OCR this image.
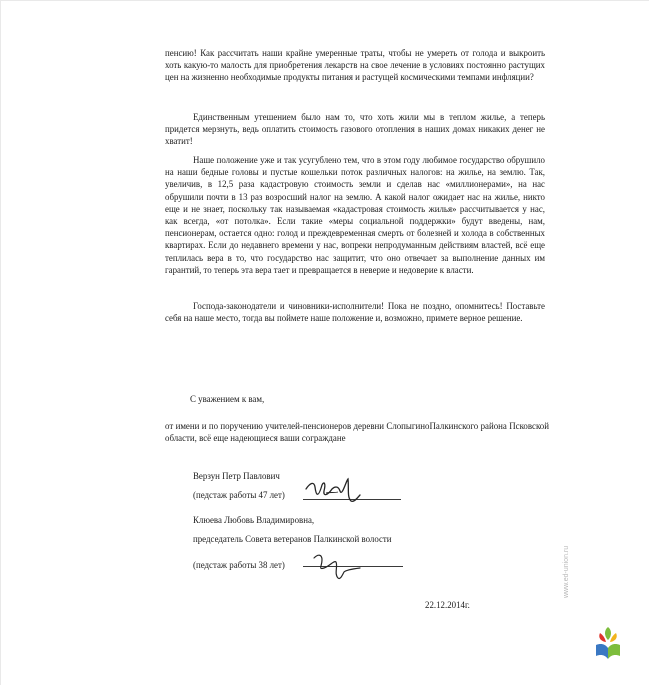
пенсию! Как рассчитать наши крайне умеренные траты, чтобы не умереть от голода и выкроить хоть какую-то малость для приобретения лекарств на свое лечение в условиях постоянно растущих цен на жизненно необходимые продукты питания и растущей космическими темпами инфляции?

Единственным утешением было нам то, что хоть жили мы в теплом жилье, а теперь придется мерзнуть, ведь оплатить стоимость газового отопления в наших домах никаких денег не хватит!

Наше положение уже и так усугублено тем, что в этом году любимое государство обрушило на наши бедные головы и пустые кошельки поток различных налогов: на жилье, на землю. Так, увеличив, в 12,5 раза кадастровую стоимость земли и сделав нас «миллионерами», на нас обрушили почти в 13 раз возросший налог на землю. А какой налог ожидает нас на жилье, никто еще и не знает, поскольку так называемая «кадастровая стоимость жилья» рассчитывается у нас, как всегда, «от потолка». Если такие «меры социальной поддержки» будут введены, нам, пенсионерам, остается одно: голод и преждевременная смерть от болезней и холода в собственных квартирах. Если до недавнего времени у нас, вопреки непродуманным действиям властей, всё еще теплилась вера в то, что государство нас защитит, что оно отвечает за выполнение данных им гарантий, то теперь эта вера тает и превращается в неверие и недоверие к власти.

Господа-законодатели и чиновники-исполнители! Пока не поздно, опомнитесь! Поставьте себя на наше место, тогда вы поймете наше положение и, возможно, примете верное решение.

С уважением к вам,

от имени и по поручению учителей-пенсионеров деревни СлопыгиноПалкинского района Псковской области, всё еще надеющиеся ваши сограждане

Верзун Петр Павлович

(педстаж работы 47 лет)

Клюева Любовь Владимировна,

председатель Совета ветеранов Палкинской волости

(педстаж работы 38 лет)

22.12.2014г.

www.ed-union.ru
